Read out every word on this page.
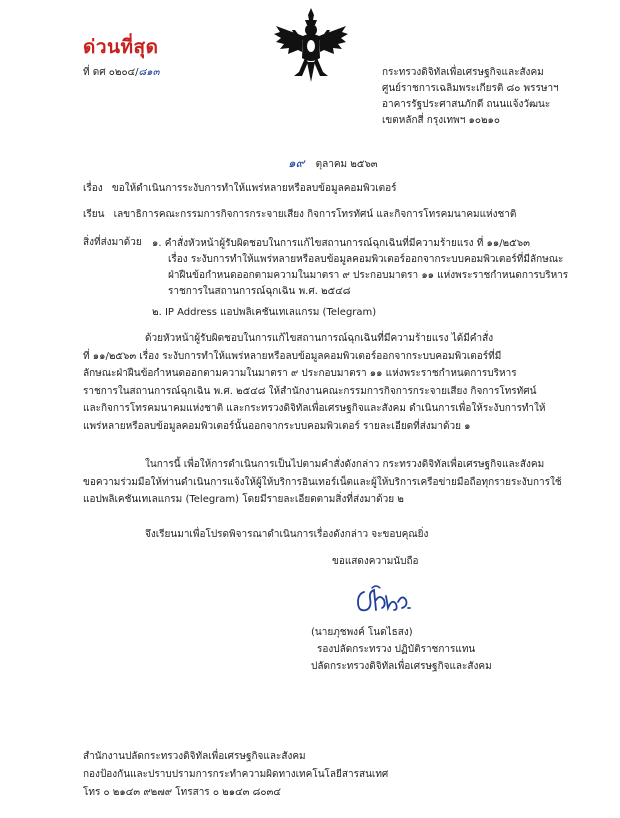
ด่วนที่สุด
ที่ ดศ ๐๒๐๔/๘๑๓	กระทรวงดิจิทัลเพื่อเศรษฐกิจและสังคม
ศูนย์ราชการเฉลิมพระเกียรติ ๘๐ พรรษาฯ
อาคารรัฐประศาสนภักดี ถนนแจ้งวัฒนะ
เขตหลักสี่ กรุงเทพฯ ๑๐๒๑๐
๑๙ ตุลาคม ๒๕๖๓
เรื่อง ขอให้ดำเนินการระงับการทำให้แพร่หลายหรือลบข้อมูลคอมพิวเตอร์
เรียน เลขาธิการคณะกรรมการกิจการกระจายเสียง กิจการโทรทัศน์ และกิจการโทรคมนาคมแห่งชาติ
สิ่งที่ส่งมาด้วย ๑. คำสั่งหัวหน้าผู้รับผิดชอบในการแก้ไขสถานการณ์ฉุกเฉินที่มีความร้ายแรง ที่ ๑๑/๒๕๖๓
เรื่อง ระงับการทำให้แพร่หลายหรือลบข้อมูลคอมพิวเตอร์ออกจากระบบคอมพิวเตอร์ที่มีลักษณะ
ฝ่าฝืนข้อกำหนดออกตามความในมาตรา ๙ ประกอบมาตรา ๑๑ แห่งพระราชกำหนดการบริหาร
ราชการในสถานการณ์ฉุกเฉิน พ.ศ. ๒๕๔๘
๒. IP Address แอปพลิเคชันเทเลแกรม (Telegram)
ด้วยหัวหน้าผู้รับผิดชอบในการแก้ไขสถานการณ์ฉุกเฉินที่มีความร้ายแรง ได้มีคำสั่ง
ที่ ๑๑/๒๕๖๓ เรื่อง ระงับการทำให้แพร่หลายหรือลบข้อมูลคอมพิวเตอร์ออกจากระบบคอมพิวเตอร์ที่มี
ลักษณะฝ่าฝืนข้อกำหนดออกตามความในมาตรา ๙ ประกอบมาตรา ๑๑ แห่งพระราชกำหนดการบริหาร
ราชการในสถานการณ์ฉุกเฉิน พ.ศ. ๒๕๔๘ ให้สำนักงานคณะกรรมการกิจการกระจายเสียง กิจการโทรทัศน์
และกิจการโทรคมนาคมแห่งชาติ และกระทรวงดิจิทัลเพื่อเศรษฐกิจและสังคม ดำเนินการเพื่อให้ระงับการทำให้
แพร่หลายหรือลบข้อมูลคอมพิวเตอร์นั้นออกจากระบบคอมพิวเตอร์ รายละเอียดที่ส่งมาด้วย ๑
ในการนี้ เพื่อให้การดำเนินการเป็นไปตามคำสั่งดังกล่าว กระทรวงดิจิทัลเพื่อเศรษฐกิจและสังคม
ขอความร่วมมือให้ท่านดำเนินการแจ้งให้ผู้ให้บริการอินเทอร์เน็ตและผู้ให้บริการเครือข่ายมือถือทุกรายระงับการใช้
แอปพลิเคชันเทเลแกรม (Telegram) โดยมีรายละเอียดตามสิ่งที่ส่งมาด้วย ๒
จึงเรียนมาเพื่อโปรดพิจารณาดำเนินการเรื่องดังกล่าว จะขอบคุณยิ่ง
ขอแสดงความนับถือ
(นายภุชพงค์ โนดไธสง)
รองปลัดกระทรวง ปฏิบัติราชการแทน
ปลัดกระทรวงดิจิทัลเพื่อเศรษฐกิจและสังคม
สำนักงานปลัดกระทรวงดิจิทัลเพื่อเศรษฐกิจและสังคม
กองป้องกันและปราบปรามการกระทำความผิดทางเทคโนโลยีสารสนเทศ
โทร ๐ ๒๑๔๓ ๙๒๗๙ โทรสาร ๐ ๒๑๔๓ ๘๐๓๔
